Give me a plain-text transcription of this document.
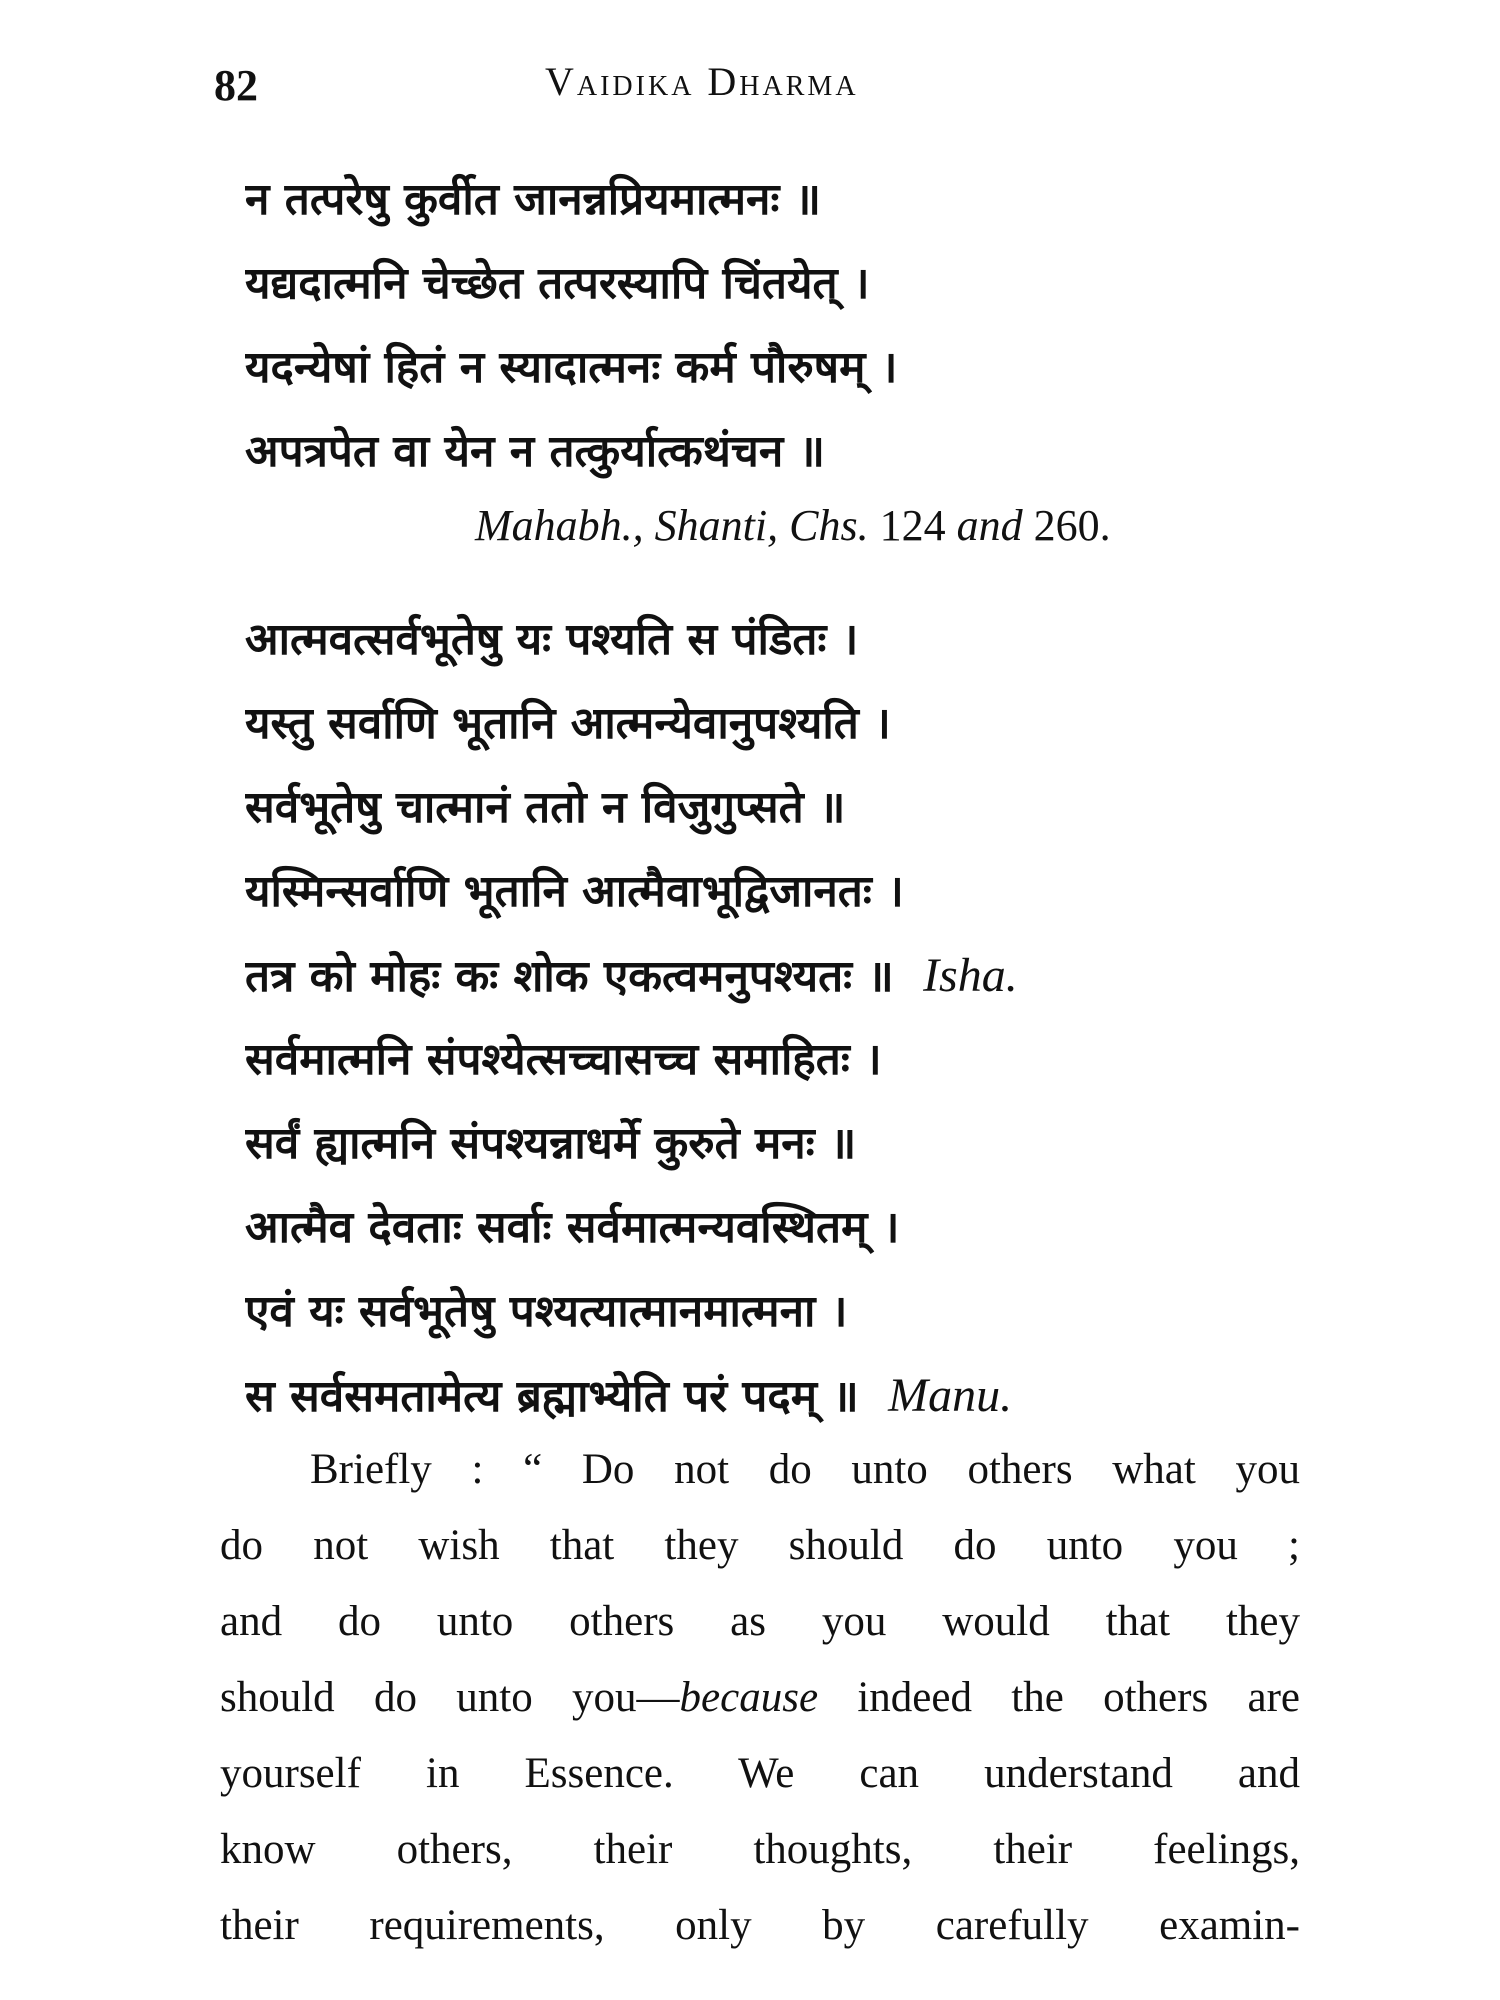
82	Vaidika Dharma
न तत्परेषु कुर्वीत जानन्नप्रियमात्मनः ॥
यद्यदात्मनि चेच्छेत तत्परस्यापि चिंतयेत् ।
यदन्येषां हितं न स्यादात्मनः कर्म पौरुषम् ।
अपत्रपेत वा येन न तत्कुर्यात्कथंचन ॥
Mahabh., Shanti, Chs. 124 and 260.
आत्मवत्सर्वभूतेषु यः पश्यति स पंडितः ।
यस्तु सर्वाणि भूतानि आत्मन्येवानुपश्यति ।
सर्वभूतेषु चात्मानं ततो न विजुगुप्सते ॥
यस्मिन्सर्वाणि भूतानि आत्मैवाभूद्विजानतः ।
तत्र को मोहः कः शोक एकत्वमनुपश्यतः ॥ Isha.
सर्वमात्मनि संपश्येत्सच्चासच्च समाहितः ।
सर्वं ह्यात्मनि संपश्यन्नाधर्मे कुरुते मनः ॥
आत्मैव देवताः सर्वाः सर्वमात्मन्यवस्थितम् ।
एवं यः सर्वभूतेषु पश्यत्यात्मानमात्मना ।
स सर्वसमतामेत्य ब्रह्माभ्येति परं पदम् ॥ Manu.
Briefly : “ Do not do unto others what you
do not wish that they should do unto you ;
and do unto others as you would that they
should do unto you—because indeed the others are
yourself in Essence. We can understand and
know others, their thoughts, their feelings,
their requirements, only by carefully examin-
